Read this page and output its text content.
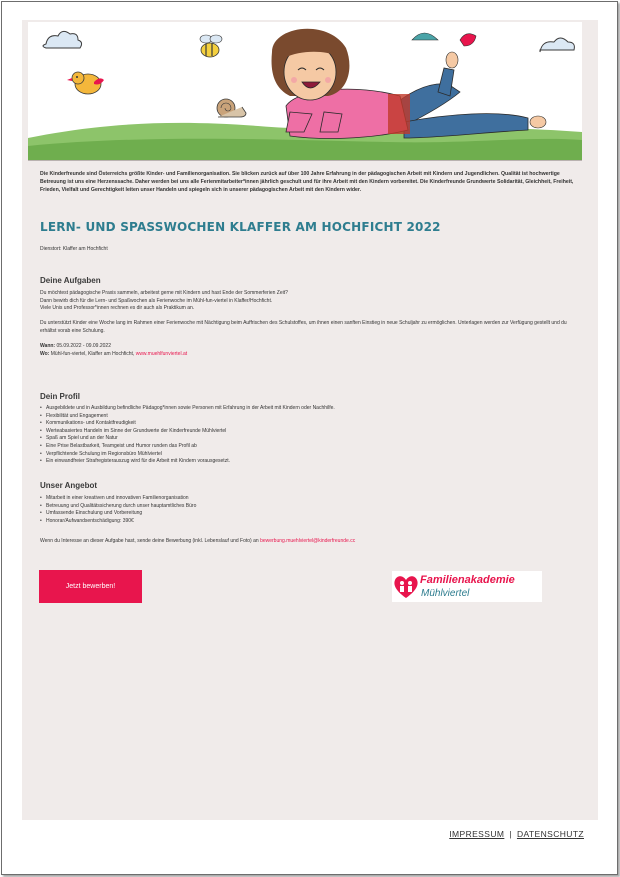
Die Kinderfreunde sind Österreichs größte Kinder- und Familienorganisation. Sie blicken zurück auf über 100 Jahre Erfahrung in der pädagogischen Arbeit mit Kindern und Jugendlichen. Qualität ist hochwertige Betreuung ist uns eine Herzenssache. Daher werden bei uns alle Ferienmitarbeiter*innen jährlich geschult und für ihre Arbeit mit den Kindern vorbereitet. Die Kinderfreunde Grundwerte Solidarität, Gleichheit, Freiheit, Frieden, Vielfalt und Gerechtigkeit leiten unser Handeln und spiegeln sich in unserer pädagogischen Arbeit mit den Kindern wider.

LERN- UND SPASSWOCHEN KLAFFER AM HOCHFICHT 2022

Dienstort: Klaffer am Hochficht

Deine Aufgaben
Du möchtest pädagogische Praxis sammeln, arbeitest gerne mit Kindern und hast Ende der Sommerferien Zeit?
Dann bewirb dich für die Lern- und Spaßwochen als Ferienwoche im Mühl-fun-viertel in Klaffer/Hochficht.
Viele Unis und Professor*innen rechnen es dir auch als Praktikum an.
Du unterstützt Kinder eine Woche lang im Rahmen einer Ferienwoche mit Nächtigung beim Auffrischen des Schulstoffes, um ihnen einen sanften Einstieg in neue Schuljahr zu ermöglichen. Unterlagen werden zur Verfügung gestellt und du erhältst vorab eine Schulung.
Wann: 05.09.2022 - 09.09.2022
Wo: Mühl-fun-viertel, Klaffer am Hochficht, www.muehlfunviertel.at
Dein Profil
• Ausgebildete und in Ausbildung befindliche Pädagog*innen sowie Personen mit Erfahrung in der Arbeit mit Kindern oder Nachhilfe.
• Flexibilität und Engagement
• Kommunikations- und Kontaktfreudigkeit
• Werteabasiertes Handeln im Sinne der Grundwerte der Kinderfreunde Mühlviertel
• Spaß am Spiel und an der Natur
• Eine Prise Belastbarkeit, Teamgeist und Humor runden das Profil ab
• Verpflichtende Schulung im Regionsbüro Mühlviertel
• Ein einwandfreier Strafregisterauszug wird für die Arbeit mit Kindern vorausgesetzt.
Unser Angebot
• Mitarbeit in einer kreativen und innovativen Familienorganisation
• Betreuung und Qualitätssicherung durch unser hauptamtliches Büro
• Umfassende Einschulung und Vorbereitung
• Honorar/Aufwandsentschädigung: 390€
Wenn du Interesse an dieser Aufgabe hast, sende deine Bewerbung (inkl. Lebenslauf und Foto) an bewerbung.muehlviertel@kinderfreunde.cc
Jetzt bewerben!
Familienakademie
Mühlviertel
IMPRESSUM | DATENSCHUTZ
